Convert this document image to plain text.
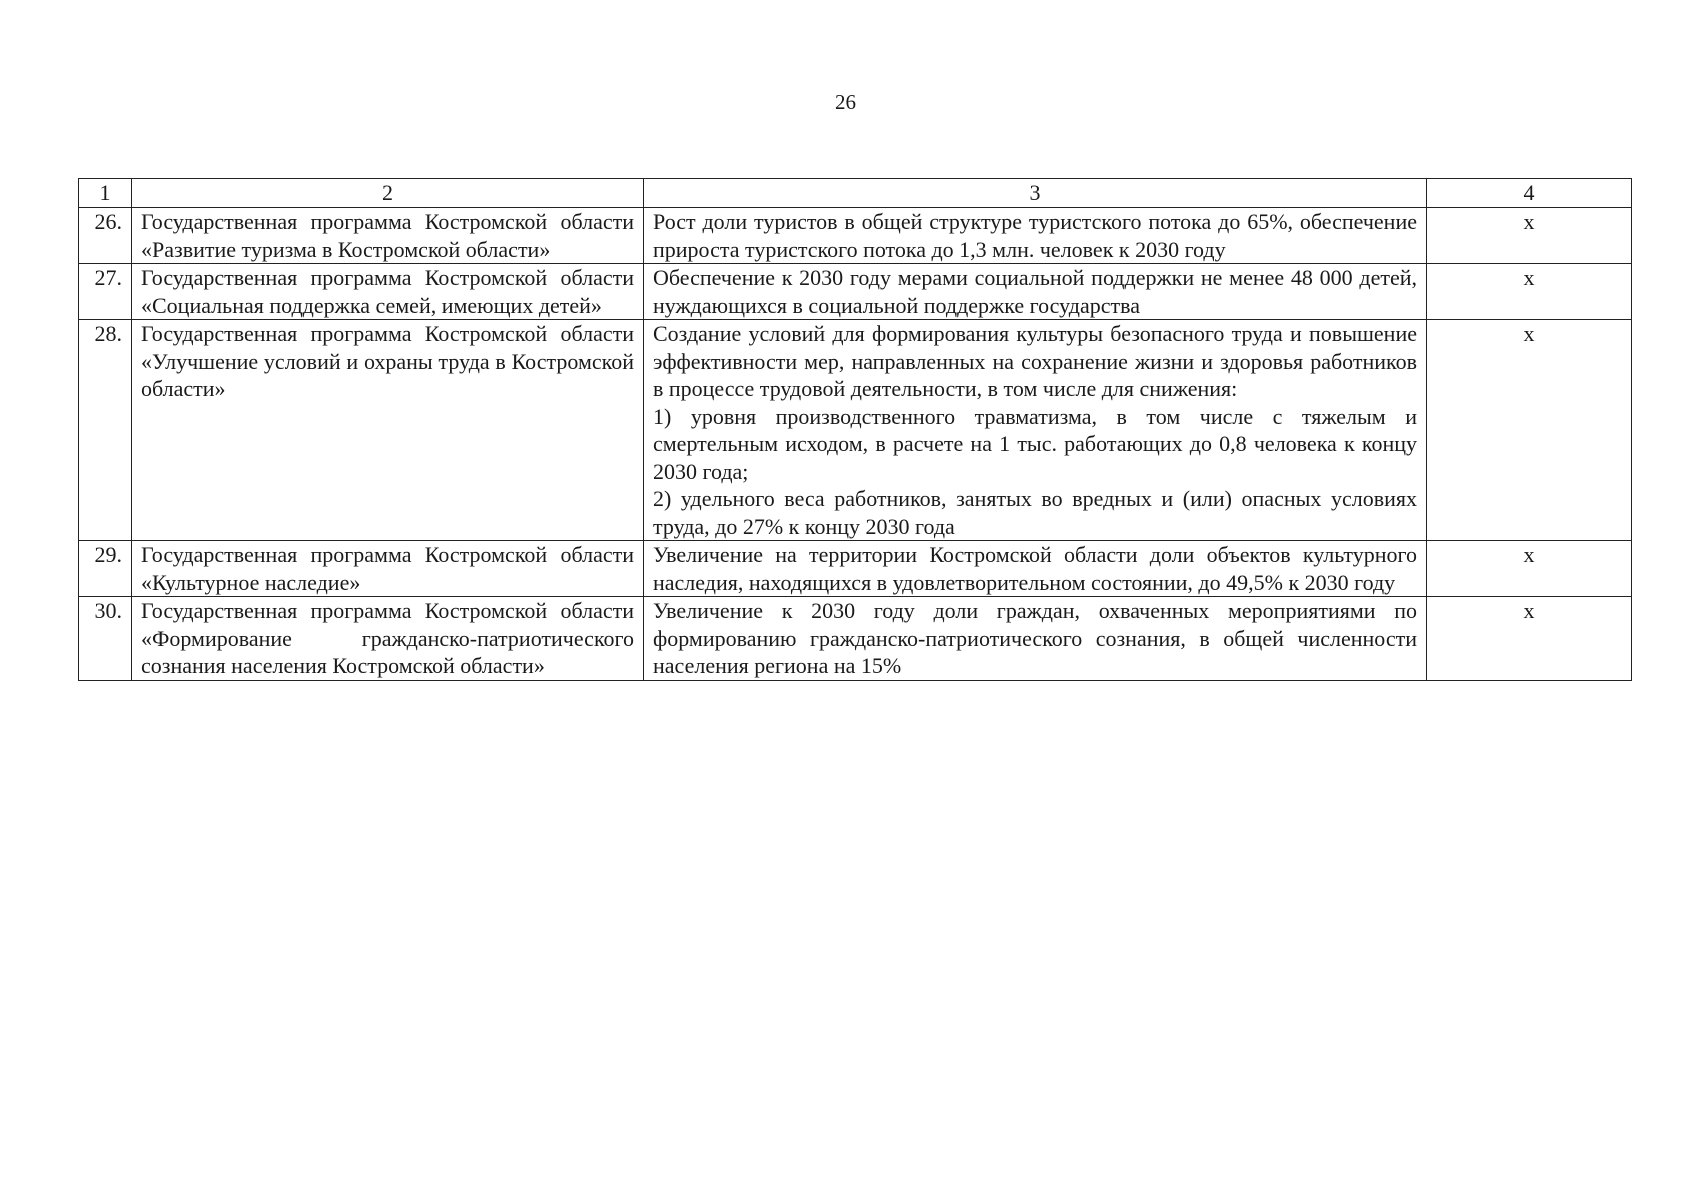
26
1	2	3	4
26.	Государственная программа Костромской области «Развитие туризма в Костромской области»	Рост доли туристов в общей структуре туристского потока до 65%, обеспечение прироста туристского потока до 1,3 млн. человек к 2030 году	х
27.	Государственная программа Костромской области «Социальная поддержка семей, имеющих детей»	Обеспечение к 2030 году мерами социальной поддержки не менее 48 000 детей, нуждающихся в социальной поддержке государства	х
28.	Государственная программа Костромской области «Улучшение условий и охраны труда в Костромской области»	Создание условий для формирования культуры безопасного труда и повышение эффективности мер, направленных на сохранение жизни и здоровья работников в процессе трудовой деятельности, в том числе для снижения:
1) уровня производственного травматизма, в том числе с тяжелым и смертельным исходом, в расчете на 1 тыс. работающих до 0,8 человека к концу 2030 года;
2) удельного веса работников, занятых во вредных и (или) опасных условиях труда, до 27% к концу 2030 года	х
29.	Государственная программа Костромской области «Культурное наследие»	Увеличение на территории Костромской области доли объектов культурного наследия, находящихся в удовлетворительном состоянии, до 49,5% к 2030 году	х
30.	Государственная программа Костромской области «Формирование гражданско-патриотического сознания населения Костромской области»	Увеличение к 2030 году доли граждан, охваченных мероприятиями по формированию гражданско-патриотического сознания, в общей численности населения региона на 15%	х
